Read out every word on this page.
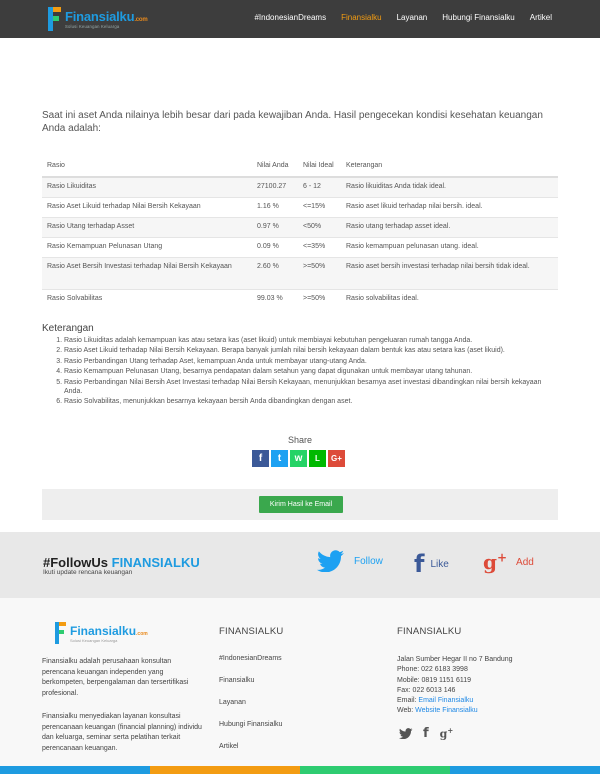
Finansialku.com
Solusi Keuangan Keluarga
#IndonesianDreams Finansialku Layanan Hubungi Finansialku Artikel

Saat ini aset Anda nilainya lebih besar dari pada kewajiban Anda. Hasil pengecekan kondisi kesehatan keuangan Anda adalah:

Rasio	Nilai Anda	Nilai Ideal	Keterangan
Rasio Likuiditas	27100.27	6 - 12	Rasio likuiditas Anda tidak ideal.
Rasio Aset Likuid terhadap Nilai Bersih Kekayaan	1.16 %	<=15%	Rasio aset likuid terhadap nilai bersih. ideal.
Rasio Utang terhadap Asset	0.97 %	<50%	Rasio utang terhadap asset ideal.
Rasio Kemampuan Pelunasan Utang	0.09 %	<=35%	Rasio kemampuan pelunasan utang. ideal.
Rasio Aset Bersih Investasi terhadap Nilai Bersih Kekayaan	2.60 %	>=50%	Rasio aset bersih investasi terhadap nilai bersih tidak ideal.
Rasio Solvabilitas	99.03 %	>=50%	Rasio solvabilitas ideal.
Keterangan
1. Rasio Likuiditas adalah kemampuan kas atau setara kas (aset likuid) untuk membiayai kebutuhan pengeluaran rumah tangga Anda.
2. Rasio Aset Likuid terhadap Nilai Bersih Kekayaan. Berapa banyak jumlah nilai bersih kekayaan dalam bentuk kas atau setara kas (aset likuid).
3. Rasio Perbandingan Utang terhadap Aset, kemampuan Anda untuk membayar utang-utang Anda.
4. Rasio Kemampuan Pelunasan Utang, besarnya pendapatan dalam setahun yang dapat digunakan untuk membayar utang tahunan.
5. Rasio Perbandingan Nilai Bersih Aset Investasi terhadap Nilai Bersih Kekayaan, menunjukkan besarnya aset investasi dibandingkan nilai bersih kekayaan Anda.
6. Rasio Solvabilitas, menunjukkan besarnya kekayaan bersih Anda dibandingkan dengan aset.
Share
f t w L G+
Kirim Hasil ke Email
#FollowUs FINANSIALKU
Ikuti update rencana keuangan
Follow f Like g+ Add
Finansialku.com
Solusi Keuangan Keluarga

Finansialku adalah perusahaan konsultan perencana keuangan independen yang berkompeten, berpengalaman dan tersertifikasi profesional.

Finansialku menyediakan layanan konsultasi perencanaan keuangan (financial planning) individu dan keluarga, seminar serta pelatihan terkait perencanaan keuangan.

FINANSIALKU
#IndonesianDreams
Finansialku
Layanan
Hubungi Finansialku
Artikel
FINANSIALKU
Jalan Sumber Hegar II no 7 Bandung
Phone: 022 6183 3998
Mobile: 0819 1151 6119
Fax: 022 6013 146
Email: Email Finansialku
Web: Website Finansialku
f g+
